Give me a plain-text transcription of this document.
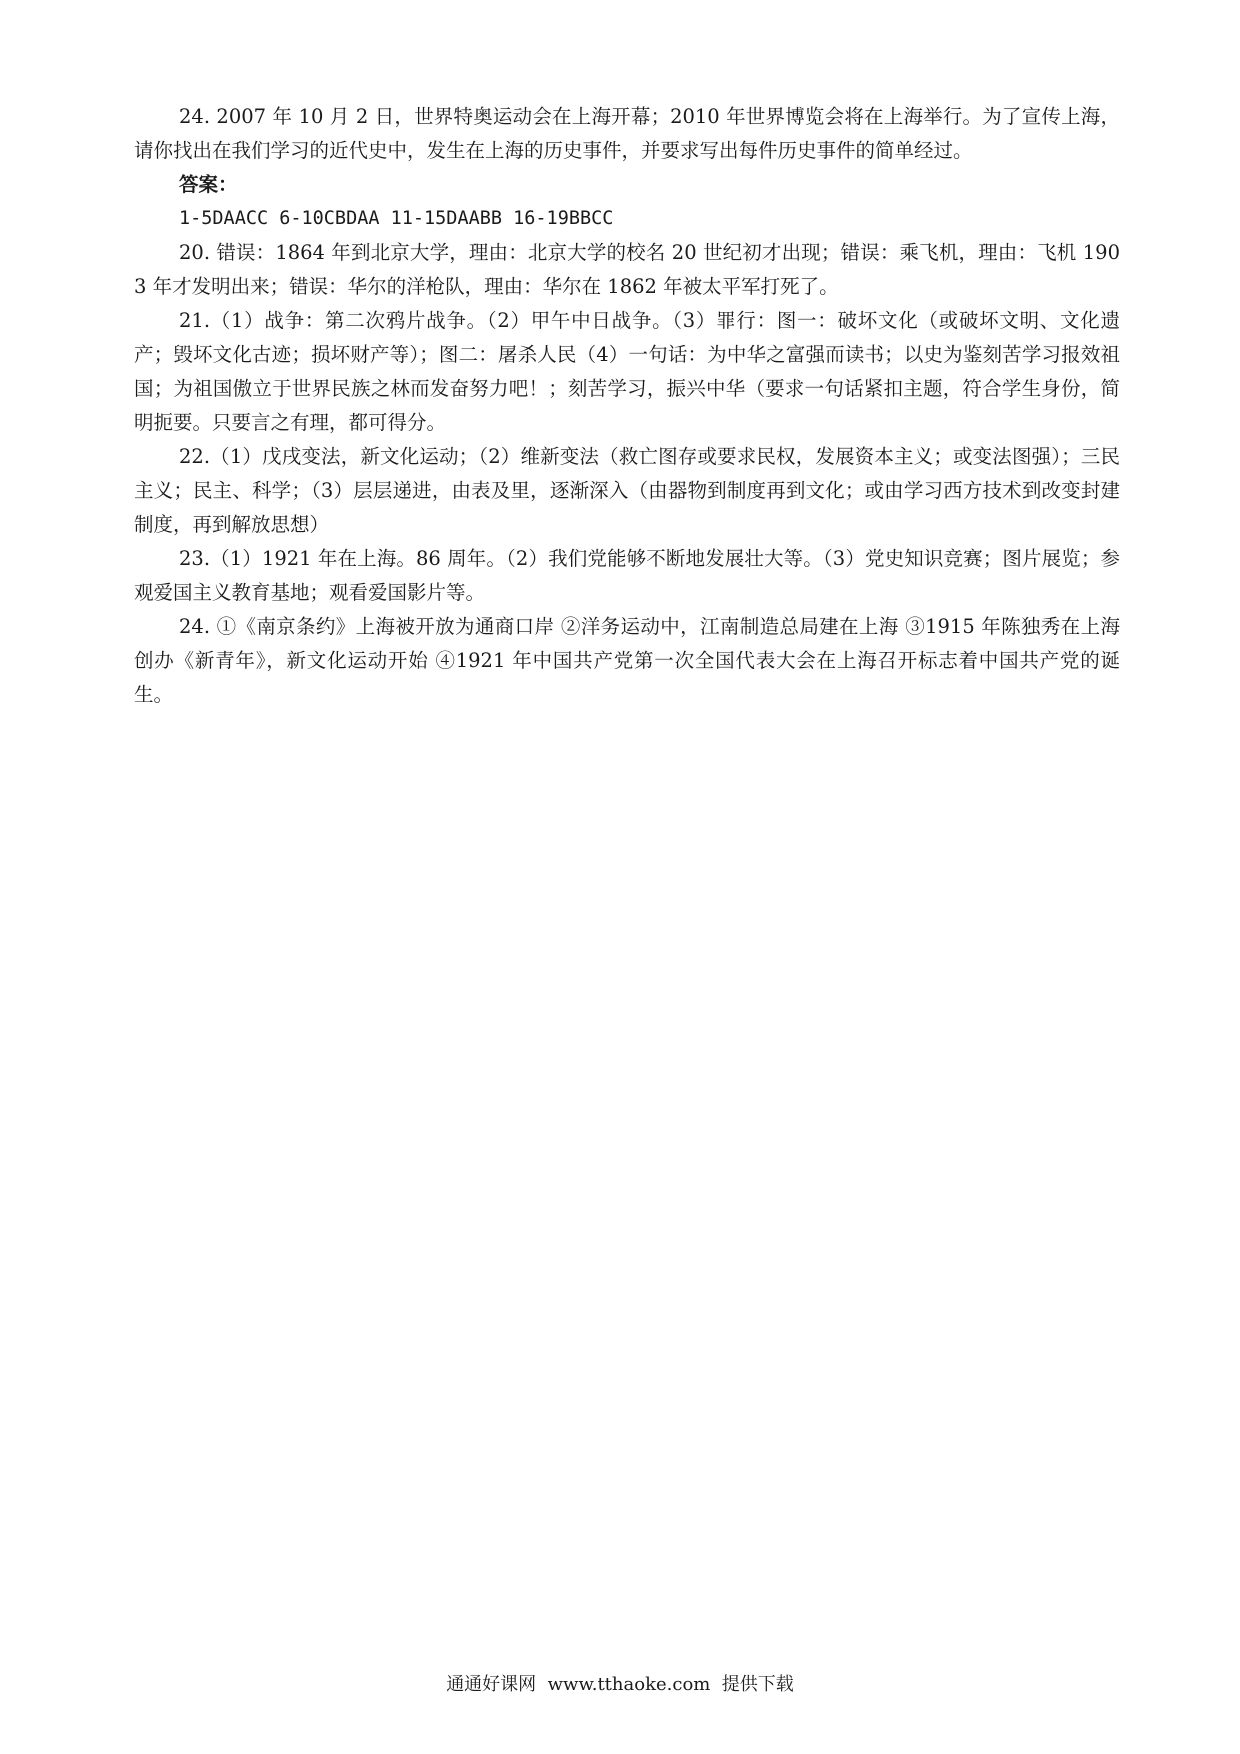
24. 2007 年 10 月 2 日，世界特奥运动会在上海开幕；2010 年世界博览会将在上海举行。为了宣传上海，请你找出在我们学习的近代史中，发生在上海的历史事件，并要求写出每件历史事件的简单经过。

答案：

1-5DAACC 6-10CBDAA 11-15DAABB 16-19BBCC

20. 错误：1864 年到北京大学，理由：北京大学的校名 20 世纪初才出现；错误：乘飞机，理由：飞机 1903 年才发明出来；错误：华尔的洋枪队，理由：华尔在 1862 年被太平军打死了。

21.（1）战争：第二次鸦片战争。（2）甲午中日战争。（3）罪行：图一：破坏文化（或破坏文明、文化遗产；毁坏文化古迹；损坏财产等）；图二：屠杀人民（4）一句话：为中华之富强而读书；以史为鉴刻苦学习报效祖国；为祖国傲立于世界民族之林而发奋努力吧！；刻苦学习，振兴中华（要求一句话紧扣主题，符合学生身份，简明扼要。只要言之有理，都可得分。

22.（1）戊戌变法，新文化运动；（2）维新变法（救亡图存或要求民权，发展资本主义；或变法图强）；三民主义；民主、科学；（3）层层递进，由表及里，逐渐深入（由器物到制度再到文化；或由学习西方技术到改变封建制度，再到解放思想）

23.（1）1921 年在上海。86 周年。（2）我们党能够不断地发展壮大等。（3）党史知识竞赛；图片展览；参观爱国主义教育基地；观看爱国影片等。

24. ①《南京条约》上海被开放为通商口岸 ②洋务运动中，江南制造总局建在上海 ③1915 年陈独秀在上海创办《新青年》，新文化运动开始 ④1921 年中国共产党第一次全国代表大会在上海召开标志着中国共产党的诞生。

通通好课网 www.tthaoke.com 提供下载
